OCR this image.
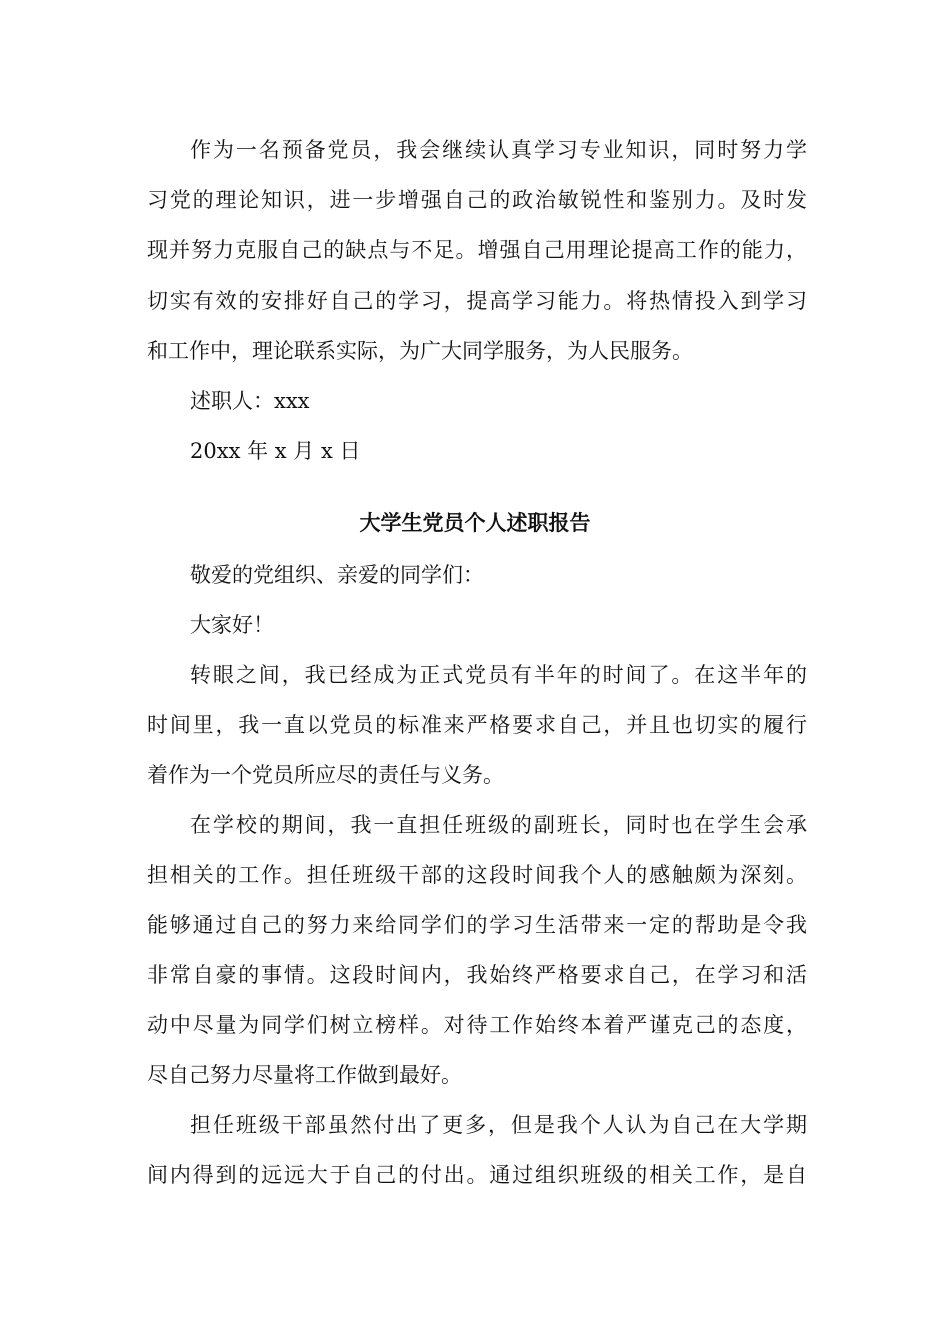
作为一名预备党员，我会继续认真学习专业知识，同时努力学
习党的理论知识，进一步增强自己的政治敏锐性和鉴别力。及时发
现并努力克服自己的缺点与不足。增强自己用理论提高工作的能力，
切实有效的安排好自己的学习，提高学习能力。将热情投入到学习
和工作中，理论联系实际，为广大同学服务，为人民服务。
述职人：xxx
20xx 年 x 月 x 日
大学生党员个人述职报告
敬爱的党组织、亲爱的同学们：
大家好！
转眼之间，我已经成为正式党员有半年的时间了。在这半年的
时间里，我一直以党员的标准来严格要求自己，并且也切实的履行
着作为一个党员所应尽的责任与义务。
在学校的期间，我一直担任班级的副班长，同时也在学生会承
担相关的工作。担任班级干部的这段时间我个人的感触颇为深刻。
能够通过自己的努力来给同学们的学习生活带来一定的帮助是令我
非常自豪的事情。这段时间内，我始终严格要求自己，在学习和活
动中尽量为同学们树立榜样。对待工作始终本着严谨克己的态度，
尽自己努力尽量将工作做到最好。
担任班级干部虽然付出了更多，但是我个人认为自己在大学期
间内得到的远远大于自己的付出。通过组织班级的相关工作，是自
